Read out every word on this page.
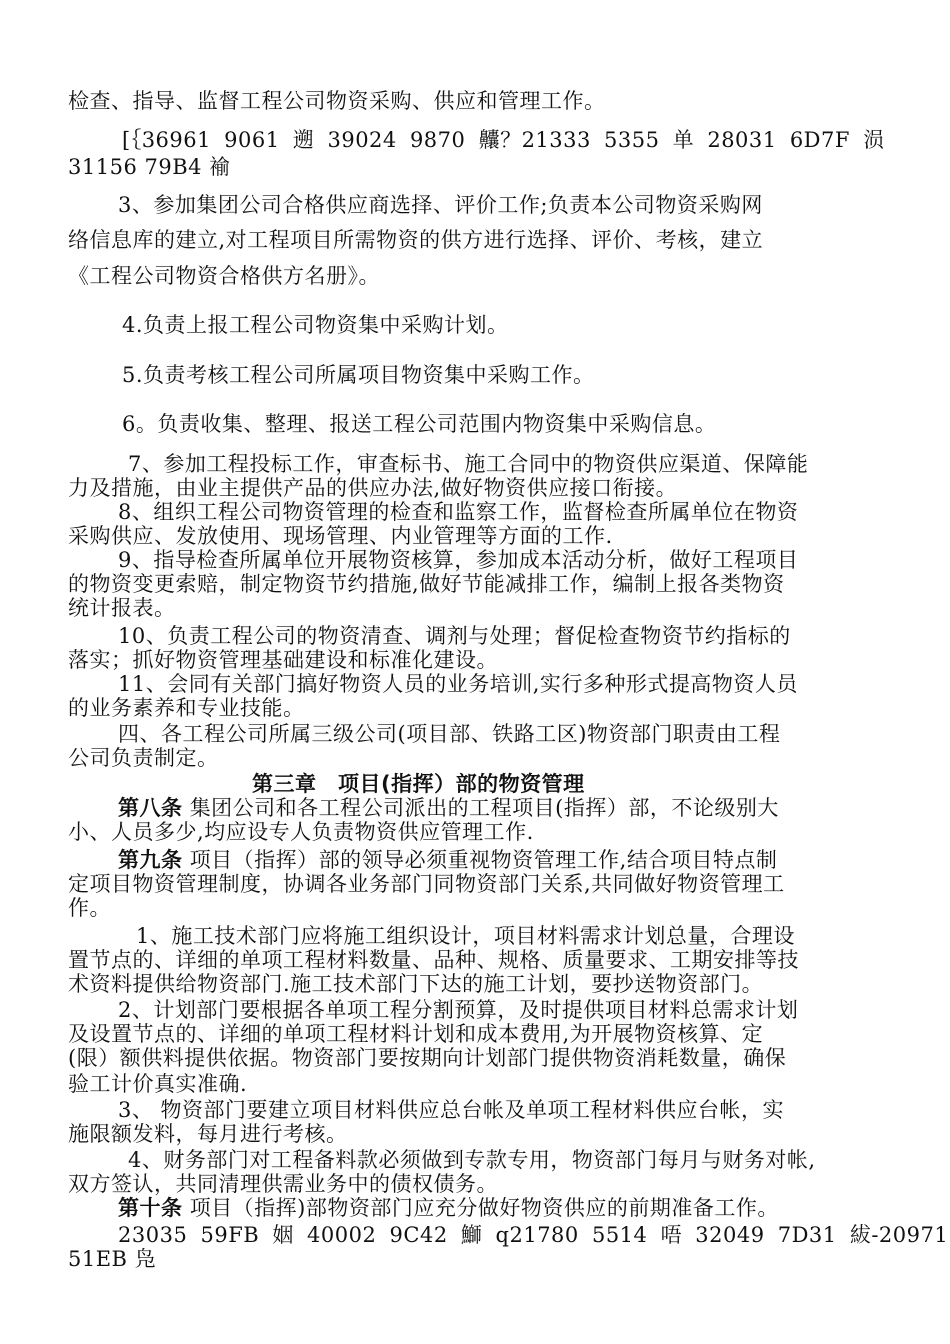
检查、指导、监督工程公司物资采购、供应和管理工作。
[｛36961 9061 遡 39024 9870 齉？21333 5355 单 28031 6D7F 涢
31156 79B4 褕
3、参加集团公司合格供应商选择、评价工作;负责本公司物资采购网
络信息库的建立,对工程项目所需物资的供方进行选择、评价、考核，建立
《工程公司物资合格供方名册》。
4.负责上报工程公司物资集中采购计划。
5.负责考核工程公司所属项目物资集中采购工作。
6。负责收集、整理、报送工程公司范围内物资集中采购信息。
7、参加工程投标工作，审查标书、施工合同中的物资供应渠道、保障能
力及措施，由业主提供产品的供应办法,做好物资供应接口衔接。
8、组织工程公司物资管理的检查和监察工作，监督检查所属单位在物资
采购供应、发放使用、现场管理、内业管理等方面的工作.
9、指导检查所属单位开展物资核算，参加成本活动分析，做好工程项目
的物资变更索赔，制定物资节约措施,做好节能减排工作，编制上报各类物资
统计报表。
10、负责工程公司的物资清查、调剂与处理；督促检查物资节约指标的
落实；抓好物资管理基础建设和标准化建设。
11、会同有关部门搞好物资人员的业务培训,实行多种形式提高物资人员
的业务素养和专业技能。
四、各工程公司所属三级公司(项目部、铁路工区)物资部门职责由工程
公司负责制定。
第三章　项目(指挥）部的物资管理
第八条 集团公司和各工程公司派出的工程项目(指挥）部，不论级别大
小、人员多少,均应设专人负责物资供应管理工作.
第九条 项目（指挥）部的领导必须重视物资管理工作,结合项目特点制
定项目物资管理制度，协调各业务部门同物资部门关系,共同做好物资管理工
作。
1、施工技术部门应将施工组织设计，项目材料需求计划总量，合理设
置节点的、详细的单项工程材料数量、品种、规格、质量要求、工期安排等技
术资料提供给物资部门.施工技术部门下达的施工计划，要抄送物资部门。
2、计划部门要根据各单项工程分割预算，及时提供项目材料总需求计划
及设置节点的、详细的单项工程材料计划和成本费用,为开展物资核算、定
(限）额供料提供依据。物资部门要按期向计划部门提供物资消耗数量，确保
验工计价真实准确.
3、 物资部门要建立项目材料供应总台帐及单项工程材料供应台帐，实
施限额发料，每月进行考核。
4、财务部门对工程备料款必须做到专款专用，物资部门每月与财务对帐,
双方签认，共同清理供需业务中的债权债务。
第十条 项目（指挥)部物资部门应充分做好物资供应的前期准备工作。
23035 59FB 姻 40002 9C42 鰤 q21780 5514 唔 32049 7D31 紱-20971
51EB 凫
